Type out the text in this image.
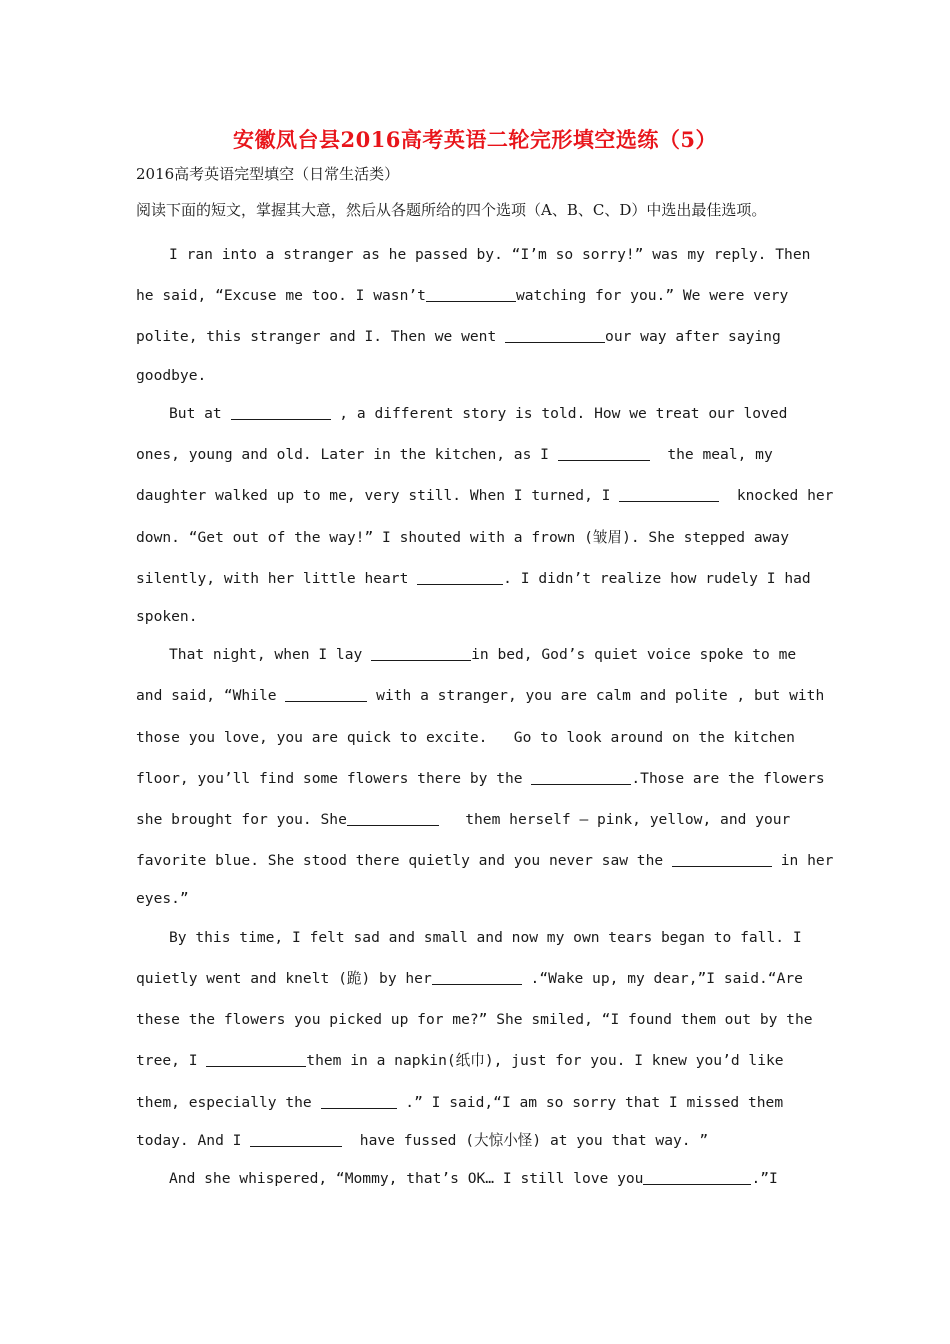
安徽凤台县2016高考英语二轮完形填空选练（5）
2016高考英语完型填空（日常生活类）
阅读下面的短文，掌握其大意，然后从各题所给的四个选项（A、B、C、D）中选出最佳选项。
I ran into a stranger as he passed by. “I’m so sorry!” was my reply. Then
he said, “Excuse me too. I wasn’t	watching for you.” We were very
polite, this stranger and I. Then we went	our way after saying
goodbye.
But at	, a different story is told. How we treat our loved
ones, young and old. Later in the kitchen, as I	the meal, my
daughter walked up to me, very still. When I turned, I	knocked her
down. “Get out of the way!” I shouted with a frown (皱眉). She stepped away
silently, with her little heart	. I didn’t realize how rudely I had
spoken.
That night, when I lay	in bed, God’s quiet voice spoke to me
and said, “While	with a stranger, you are calm and polite , but with
those you love, you are quick to excite.   Go to look around on the kitchen
floor, you’ll find some flowers there by the	.Those are the flowers
she brought for you. She	them herself — pink, yellow, and your
favorite blue. She stood there quietly and you never saw the	in her
eyes.”
By this time, I felt sad and small and now my own tears began to fall. I
quietly went and knelt (跪) by her	.“Wake up, my dear,”I said.“Are
these the flowers you picked up for me?” She smiled, “I found them out by the
tree, I	them in a napkin(纸巾), just for you. I knew you’d like
them, especially the	.” I said,“I am so sorry that I missed them
today. And I	have fussed (大惊小怪) at you that way. ”
And she whispered, “Mommy, that’s OK… I still love you	.”I
